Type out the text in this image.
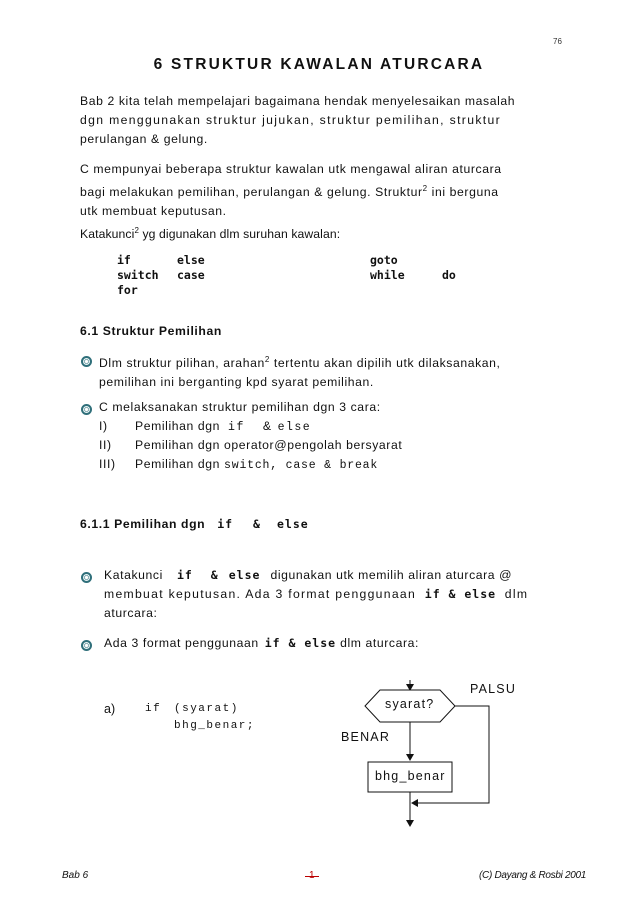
76
6 STRUKTUR KAWALAN ATURCARA

Bab 2 kita telah mempelajari bagaimana hendak menyelesaikan masalah

dgn menggunakan struktur jujukan, struktur pemilihan, struktur

perulangan & gelung.

C mempunyai beberapa struktur kawalan utk mengawal aliran aturcara

bagi melakukan pemilihan, perulangan & gelung. Struktur$^2$ ini berguna

utk membuat keputusan.

Katakunci$^2$ yg digunakan dlm suruhan kawalan:

if	else	goto
switch case	while	do
for
6.1 Struktur Pemilihan
Dlm struktur pilihan, arahan$^2$ tertentu akan dipilih utk dilaksanakan,
pemilihan ini berganting kpd syarat pemilihan.
C melaksanakan struktur pemilihan dgn 3 cara:
I) Pemilihan dgn if & else
II) Pemilihan dgn operator@pengolah bersyarat
III) Pemilihan dgn switch, case & break
6.1.1 Pemilihan dgn if & else
Katakunci if & else digunakan utk memilih aliran aturcara @
membuat keputusan. Ada 3 format penggunaan if & else dlm
aturcara:
Ada 3 format penggunaan if & else dlm aturcara:
a)	if (syarat)
bhg_benar;
syarat?
PALSU
BENAR
bhg_benar
Bab 6	(C) Dayang & Rosbi 2001
